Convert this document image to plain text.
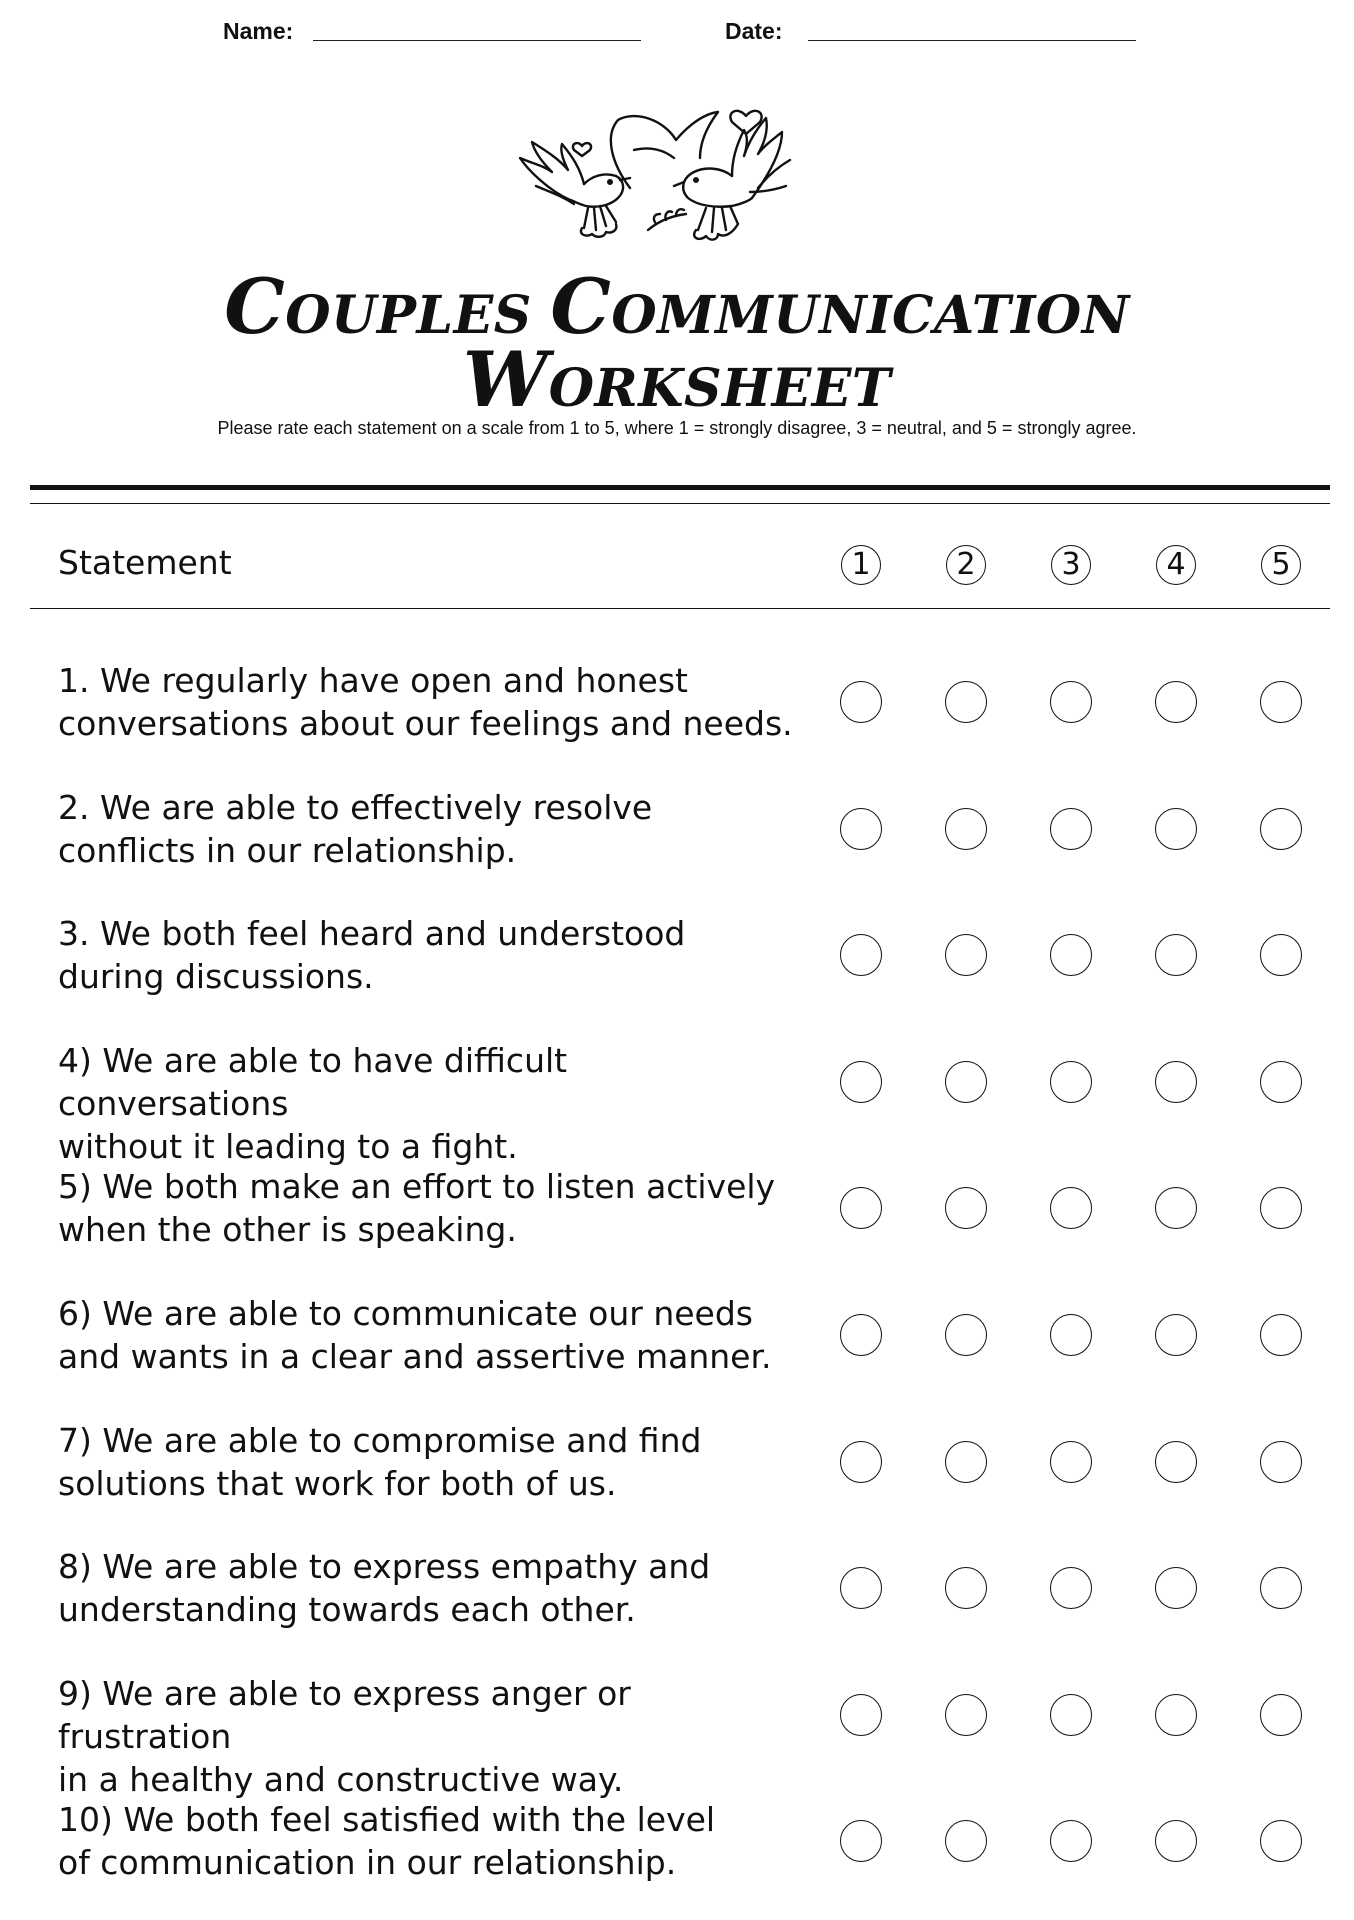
Name:	Date:
COUPLES COMMUNICATION
WORKSHEET
Please rate each statement on a scale from 1 to 5, where 1 = strongly disagree, 3 = neutral, and 5 = strongly agree.
Statement	1	2	3	4	5
1. We regularly have open and honest
conversations about our feelings and needs.
2. We are able to effectively resolve
conflicts in our relationship.
3. We both feel heard and understood
during discussions.
4) We are able to have difficult conversations
without it leading to a fight.
5) We both make an effort to listen actively
when the other is speaking.
6) We are able to communicate our needs
and wants in a clear and assertive manner.
7) We are able to compromise and find
solutions that work for both of us.
8) We are able to express empathy and
understanding towards each other.
9) We are able to express anger or frustration
in a healthy and constructive way.
10) We both feel satisfied with the level
of communication in our relationship.
